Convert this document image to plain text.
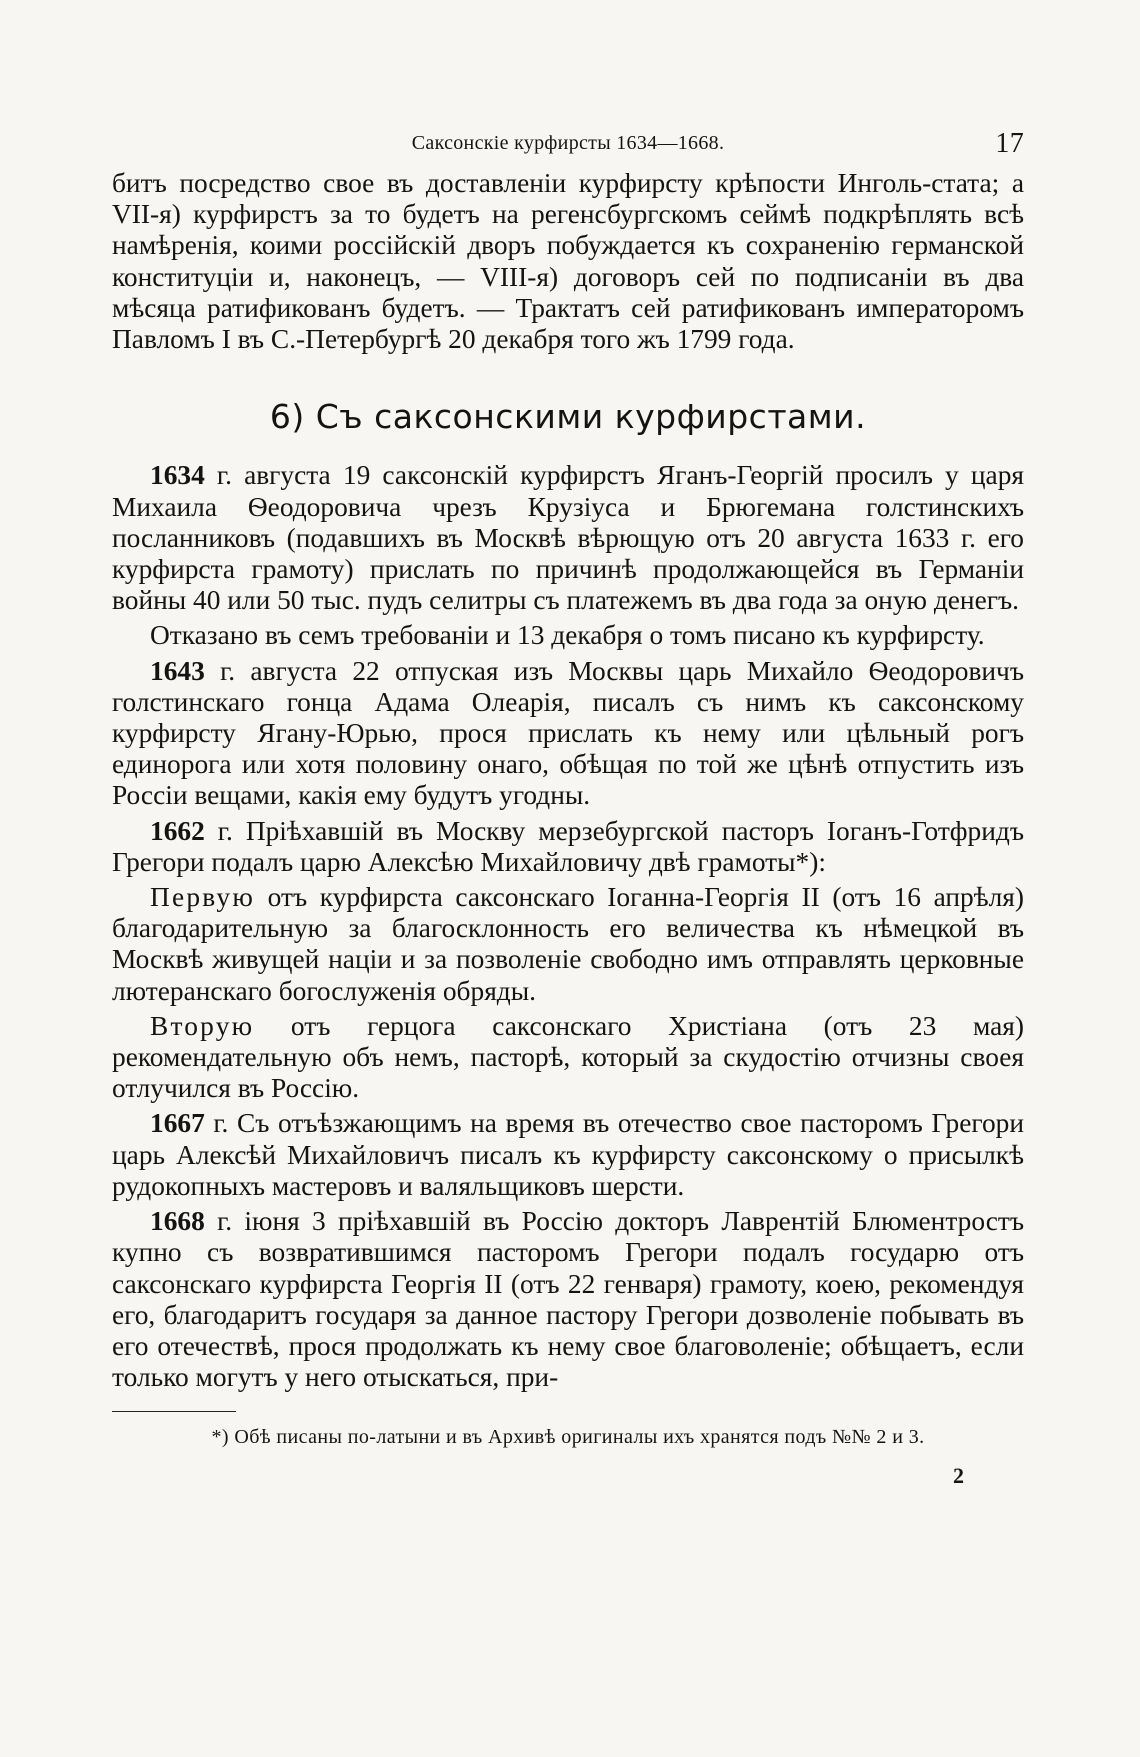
Саксонскіе курфирсты 1634—1668.	17

битъ посредство свое въ доставленіи курфирсту крѣпости Инголь-стата; а VII-я) курфирстъ за то будетъ на регенсбургскомъ сеймѣ подкрѣплять всѣ намѣренія, коими россійскій дворъ побуждается къ сохраненію германской конституціи и, наконецъ, — VIII-я) договоръ сей по подписаніи въ два мѣсяца ратификованъ будетъ. — Трактатъ сей ратификованъ императоромъ Павломъ I въ С.-Петербургѣ 20 декабря того жъ 1799 года.

6) Съ саксонскими курфирстами.

1634 г. августа 19 саксонскій курфирстъ Яганъ-Георгій просилъ у царя Михаила Ѳеодоровича чрезъ Крузіуса и Брюгемана голстинскихъ посланниковъ (подавшихъ въ Москвѣ вѣрющую отъ 20 августа 1633 г. его курфирста грамоту) прислать по причинѣ продолжающейся въ Германіи войны 40 или 50 тыс. пудъ селитры съ платежемъ въ два года за оную денегъ.

Отказано въ семъ требованіи и 13 декабря о томъ писано къ курфирсту.

1643 г. августа 22 отпуская изъ Москвы царь Михайло Ѳеодоровичъ голстинскаго гонца Адама Олеарія, писалъ съ нимъ къ саксонскому курфирсту Ягану-Юрью, прося прислать къ нему или цѣльный рогъ единорога или хотя половину онаго, обѣщая по той же цѣнѣ отпустить изъ Россіи вещами, какія ему будутъ угодны.

1662 г. Пріѣхавшій въ Москву мерзебургской пасторъ Іоганъ-Готфридъ Грегори подалъ царю Алексѣю Михайловичу двѣ грамоты*):

Первую отъ курфирста саксонскаго Іоганна-Георгія II (отъ 16 апрѣля) благодарительную за благосклонность его величества къ нѣмецкой въ Москвѣ живущей націи и за позволеніе свободно имъ отправлять церковные лютеранскаго богослуженія обряды.

Вторую отъ герцога саксонскаго Христіана (отъ 23 мая) рекомендательную объ немъ, пасторѣ, который за скудостію отчизны своея отлучился въ Россію.

1667 г. Съ отъѣзжающимъ на время въ отечество свое пасторомъ Грегори царь Алексѣй Михайловичъ писалъ къ курфирсту саксонскому о присылкѣ рудокопныхъ мастеровъ и валяльщиковъ шерсти.

1668 г. іюня 3 пріѣхавшій въ Россію докторъ Лаврентій Блюментростъ купно съ возвратившимся пасторомъ Грегори подалъ государю отъ саксонскаго курфирста Георгія II (отъ 22 генваря) грамоту, коею, рекомендуя его, благодаритъ государя за данное пастору Грегори дозволеніе побывать въ его отечествѣ, прося продолжать къ нему свое благоволеніе; обѣщаетъ, если только могутъ у него отыскаться, при-

*) Обѣ писаны по-латыни и въ Архивѣ оригиналы ихъ хранятся подъ №№ 2 и 3.
2
